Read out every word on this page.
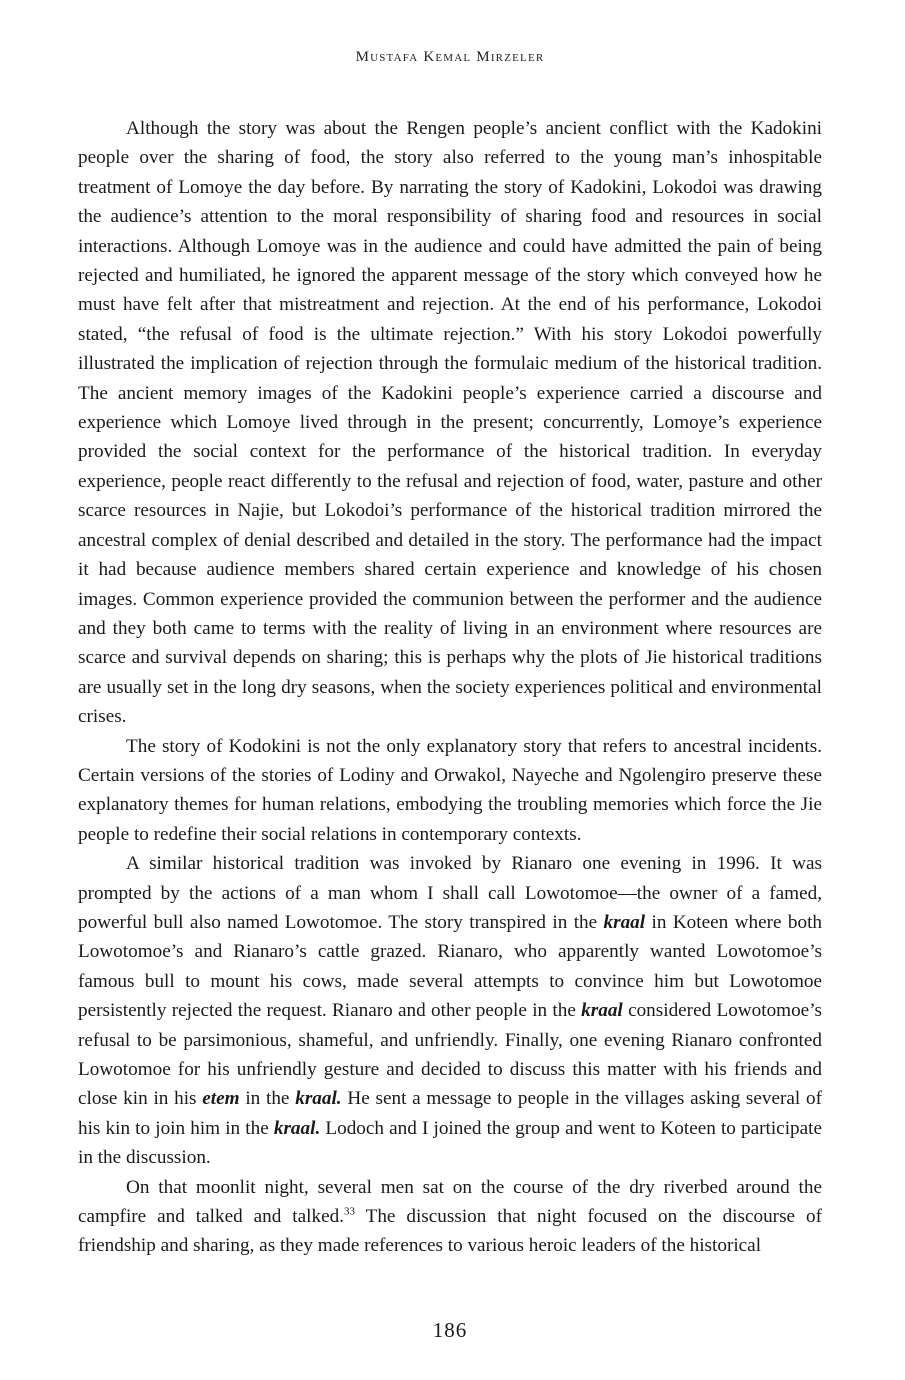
Mustafa Kemal Mirzeler

Although the story was about the Rengen people’s ancient conflict with the Kadokini people over the sharing of food, the story also referred to the young man’s inhospitable treatment of Lomoye the day before. By narrating the story of Kadokini, Lokodoi was drawing the audience’s attention to the moral responsibility of sharing food and resources in social interactions. Although Lomoye was in the audience and could have admitted the pain of being rejected and humiliated, he ignored the apparent message of the story which conveyed how he must have felt after that mistreatment and rejection. At the end of his performance, Lokodoi stated, “the refusal of food is the ultimate rejection.” With his story Lokodoi powerfully illustrated the implication of rejection through the formulaic medium of the historical tradition. The ancient memory images of the Kadokini people’s experience carried a discourse and experience which Lomoye lived through in the present; concurrently, Lomoye’s experience provided the social context for the performance of the historical tradition. In everyday experience, people react differently to the refusal and rejection of food, water, pasture and other scarce resources in Najie, but Lokodoi’s performance of the historical tradition mirrored the ancestral complex of denial described and detailed in the story. The performance had the impact it had because audience members shared certain experience and knowledge of his chosen images. Common experience provided the communion between the performer and the audience and they both came to terms with the reality of living in an environment where resources are scarce and survival depends on sharing; this is perhaps why the plots of Jie historical traditions are usually set in the long dry seasons, when the society experiences political and environmental crises.

The story of Kodokini is not the only explanatory story that refers to ancestral incidents. Certain versions of the stories of Lodiny and Orwakol, Nayeche and Ngolengiro preserve these explanatory themes for human relations, embodying the troubling memories which force the Jie people to redefine their social relations in contemporary contexts.

A similar historical tradition was invoked by Rianaro one evening in 1996. It was prompted by the actions of a man whom I shall call Lowotomoe—the owner of a famed, powerful bull also named Lowotomoe. The story transpired in the kraal in Koteen where both Lowotomoe’s and Rianaro’s cattle grazed. Rianaro, who apparently wanted Lowotomoe’s famous bull to mount his cows, made several attempts to convince him but Lowotomoe persistently rejected the request. Rianaro and other people in the kraal considered Lowotomoe’s refusal to be parsimonious, shameful, and unfriendly. Finally, one evening Rianaro confronted Lowotomoe for his unfriendly gesture and decided to discuss this matter with his friends and close kin in his etem in the kraal. He sent a message to people in the villages asking several of his kin to join him in the kraal. Lodoch and I joined the group and went to Koteen to participate in the discussion.

On that moonlit night, several men sat on the course of the dry riverbed around the campfire and talked and talked.$^{33}$ The discussion that night focused on the discourse of friendship and sharing, as they made references to various heroic leaders of the historical

186
